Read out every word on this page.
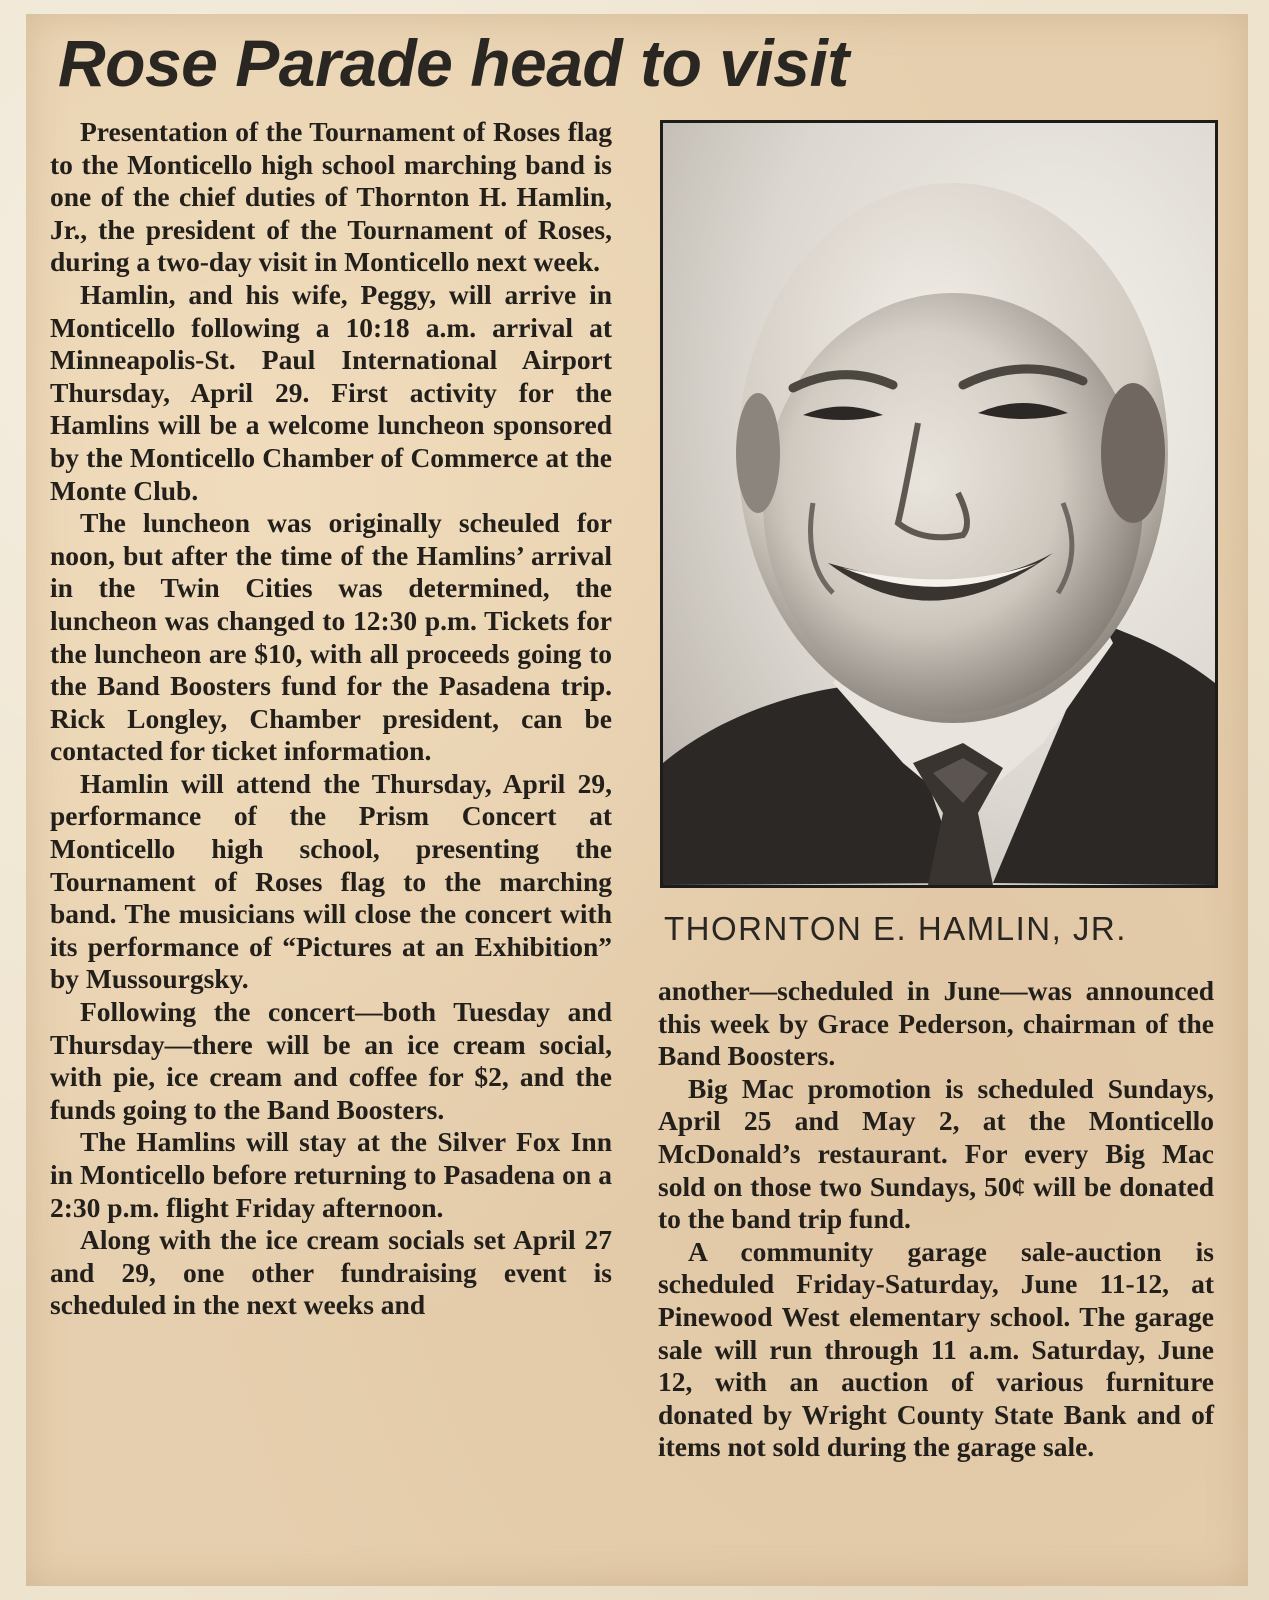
Rose Parade head to visit

Presentation of the Tournament of Roses flag to the Monticello high school marching band is one of the chief duties of Thornton H. Hamlin, Jr., the president of the Tournament of Roses, during a two-day visit in Monticello next week.

Hamlin, and his wife, Peggy, will arrive in Monticello following a 10:18 a.m. arrival at Minneapolis-St. Paul International Airport Thursday, April 29. First activity for the Hamlins will be a welcome luncheon sponsored by the Monticello Chamber of Commerce at the Monte Club.

The luncheon was originally scheuled for noon, but after the time of the Hamlins’ arrival in the Twin Cities was determined, the luncheon was changed to 12:30 p.m. Tickets for the luncheon are $10, with all proceeds going to the Band Boosters fund for the Pasadena trip. Rick Longley, Chamber president, can be contacted for ticket information.

Hamlin will attend the Thursday, April 29, performance of the Prism Concert at Monticello high school, presenting the Tournament of Roses flag to the marching band. The musicians will close the concert with its performance of “Pictures at an Exhibition” by Mussourgsky.

Following the concert—both Tuesday and Thursday—there will be an ice cream social, with pie, ice cream and coffee for $2, and the funds going to the Band Boosters.

The Hamlins will stay at the Silver Fox Inn in Monticello before returning to Pasadena on a 2:30 p.m. flight Friday afternoon.

Along with the ice cream socials set April 27 and 29, one other fundraising event is scheduled in the next weeks and

THORNTON E. HAMLIN, JR.

another—scheduled in June—was announced this week by Grace Pederson, chairman of the Band Boosters.

Big Mac promotion is scheduled Sundays, April 25 and May 2, at the Monticello McDonald’s restaurant. For every Big Mac sold on those two Sundays, 50¢ will be donated to the band trip fund.

A community garage sale-auction is scheduled Friday-Saturday, June 11-12, at Pinewood West elementary school. The garage sale will run through 11 a.m. Saturday, June 12, with an auction of various furniture donated by Wright County State Bank and of items not sold during the garage sale.
